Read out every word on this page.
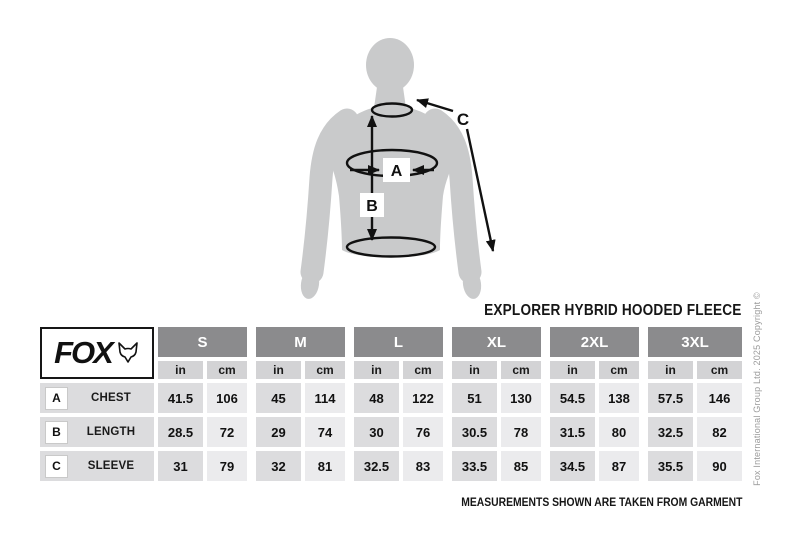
A
B
C
EXPLORER HYBRID HOODED FLEECE
FOX	S		M		L		XL		2XL		3XL	
	in	cm	in	cm	in	cm	in	cm	in	cm	in	cm

A CHEST	41.5	106	45	114	48	122	51	130	54.5	138	57.5	146

B LENGTH	28.5	72	29	74	30	76	30.5	78	31.5	80	32.5	82

C SLEEVE	31	79	32	81	32.5	83	33.5	85	34.5	87	35.5	90
MEASUREMENTS SHOWN ARE TAKEN FROM GARMENT
Fox International Group Ltd. 2025 Copyright ©
